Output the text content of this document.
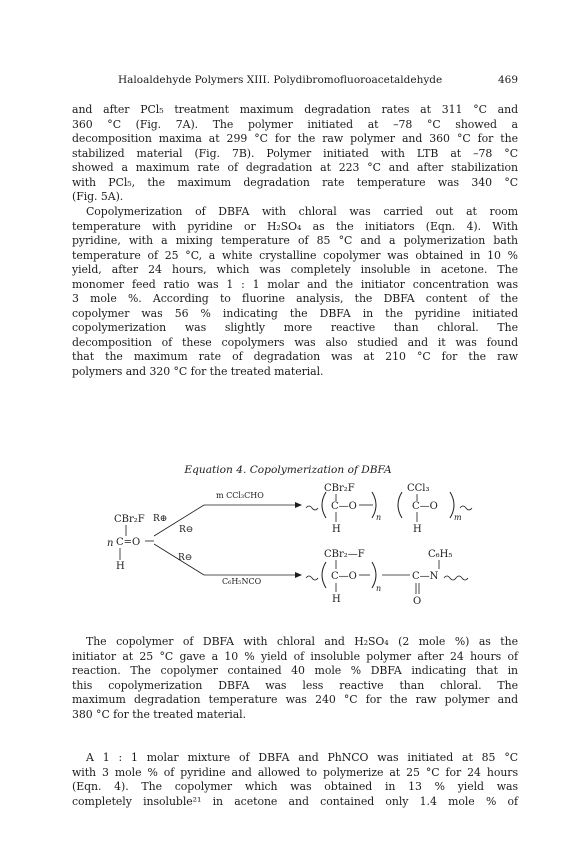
Haloaldehyde Polymers XIII. Polydibromofluoroacetaldehyde	469
and after PCl₅ treatment maximum degradation rates at 311 °C and
360 °C (Fig. 7A). The polymer initiated at –78 °C showed a
decomposition maxima at 299 °C for the raw polymer and 360 °C for the
stabilized material (Fig. 7B). Polymer initiated with LTB at –78 °C
showed a maximum rate of degradation at 223 °C and after stabilization
with PCl₅, the maximum degradation rate temperature was 340 °C
(Fig. 5A).
Copolymerization of DBFA with chloral was carried out at room
temperature with pyridine or H₂SO₄ as the initiators (Eqn. 4). With
pyridine, with a mixing temperature of 85 °C and a polymerization bath
temperature of 25 °C, a white crystalline copolymer was obtained in 10 %
yield, after 24 hours, which was completely insoluble in acetone. The
monomer feed ratio was 1 : 1 molar and the initiator concentration was
3 mole %. According to fluorine analysis, the DBFA content of the
copolymer was 56 % indicating the DBFA in the pyridine initiated
copolymerization was slightly more reactive than chloral. The
decomposition of these copolymers was also studied and it was found
that the maximum rate of degradation was at 210 °C for the raw
polymers and 320 °C for the treated material.
Equation 4. Copolymerization of DBFA
CBr₂F
n C=O
H
R⊕
R⊖
R⊖
m CCl₃CHO
C₆H₅NCO
CBr₂F	CCl₃
C—O
n
H
C—O
m
H
CBr₂—F	C₆H₅
C—O
n
H
C—N
O
The copolymer of DBFA with chloral and H₂SO₄ (2 mole %) as the
initiator at 25 °C gave a 10 % yield of insoluble polymer after 24 hours of
reaction. The copolymer contained 40 mole % DBFA indicating that in
this copolymerization DBFA was less reactive than chloral. The
maximum degradation temperature was 240 °C for the raw polymer and
380 °C for the treated material.
A 1 : 1 molar mixture of DBFA and PhNCO was initiated at 85 °C
with 3 mole % of pyridine and allowed to polymerize at 25 °C for 24 hours
(Eqn. 4). The copolymer which was obtained in 13 % yield was
completely insoluble²¹ in acetone and contained only 1.4 mole % of
